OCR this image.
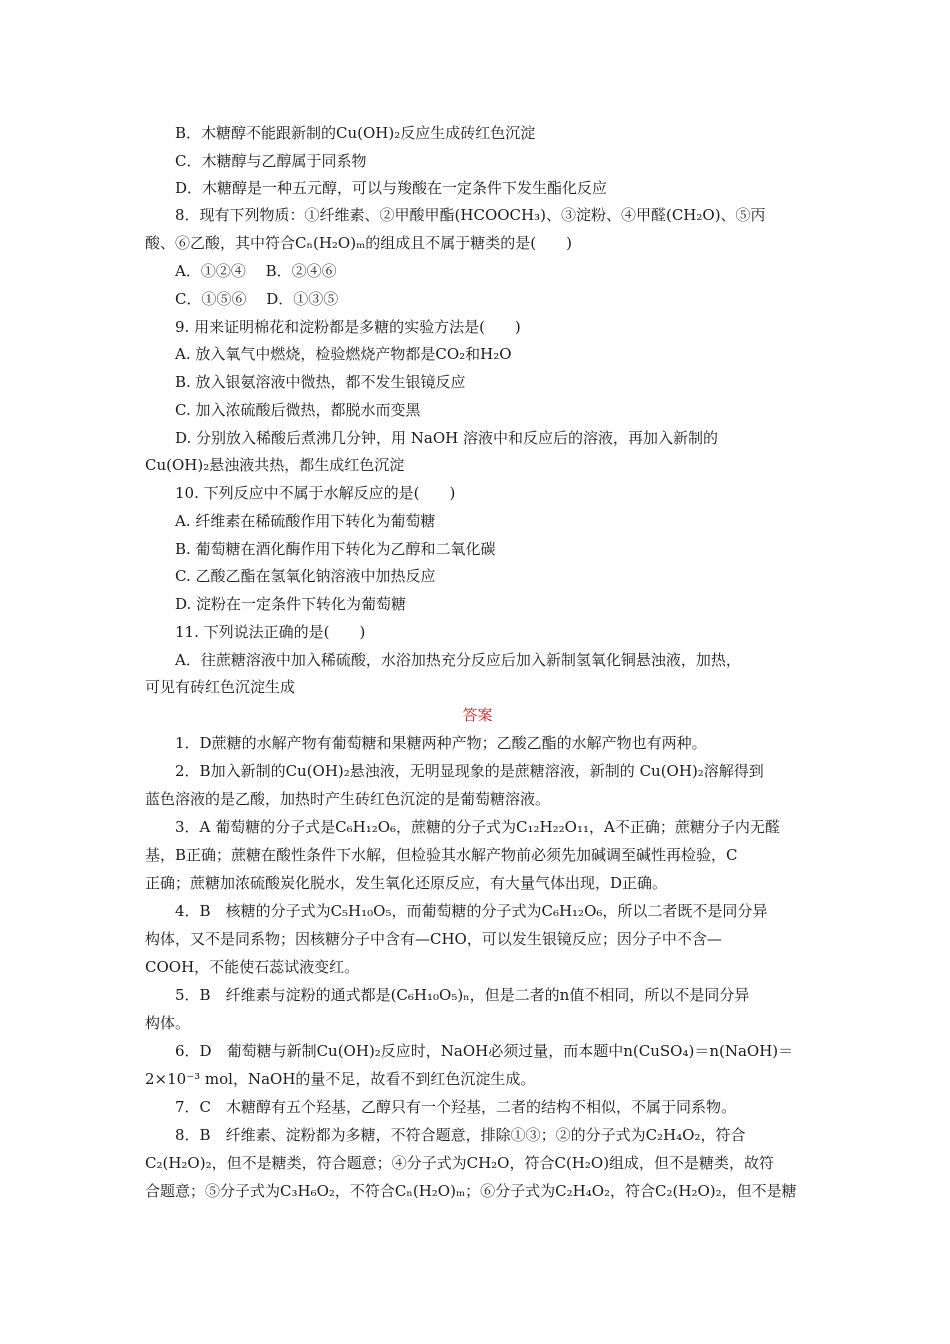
B．木糖醇不能跟新制的Cu(OH)₂反应生成砖红色沉淀
C．木糖醇与乙醇属于同系物
D．木糖醇是一种五元醇，可以与羧酸在一定条件下发生酯化反应
8．现有下列物质：①纤维素、②甲酸甲酯(HCOOCH₃)、③淀粉、④甲醛(CH₂O)、⑤丙
酸、⑥乙酸，其中符合Cₙ(H₂O)ₘ的组成且不属于糖类的是(　　)
A．①②④　 B．②④⑥
C．①⑤⑥　 D．①③⑤
9. 用来证明棉花和淀粉都是多糖的实验方法是(　　)
A. 放入氧气中燃烧，检验燃烧产物都是CO₂和H₂O
B. 放入银氨溶液中微热，都不发生银镜反应
C. 加入浓硫酸后微热，都脱水而变黑
D. 分别放入稀酸后煮沸几分钟，用 NaOH 溶液中和反应后的溶液，再加入新制的
Cu(OH)₂悬浊液共热，都生成红色沉淀
10. 下列反应中不属于水解反应的是(　　)
A. 纤维素在稀硫酸作用下转化为葡萄糖
B. 葡萄糖在酒化酶作用下转化为乙醇和二氧化碳
C. 乙酸乙酯在氢氧化钠溶液中加热反应
D. 淀粉在一定条件下转化为葡萄糖
11. 下列说法正确的是(　　)
A．往蔗糖溶液中加入稀硫酸，水浴加热充分反应后加入新制氢氧化铜悬浊液，加热，
可见有砖红色沉淀生成
答案
1．D蔗糖的水解产物有葡萄糖和果糖两种产物；乙酸乙酯的水解产物也有两种。
2．B加入新制的Cu(OH)₂悬浊液，无明显现象的是蔗糖溶液，新制的 Cu(OH)₂溶解得到
蓝色溶液的是乙酸，加热时产生砖红色沉淀的是葡萄糖溶液。
3．A 葡萄糖的分子式是C₆H₁₂O₆，蔗糖的分子式为C₁₂H₂₂O₁₁，A不正确；蔗糖分子内无醛
基，B正确；蔗糖在酸性条件下水解，但检验其水解产物前必须先加碱调至碱性再检验，C
正确；蔗糖加浓硫酸炭化脱水，发生氧化还原反应，有大量气体出现，D正确。
4．B　核糖的分子式为C₅H₁₀O₅，而葡萄糖的分子式为C₆H₁₂O₆，所以二者既不是同分异
构体，又不是同系物；因核糖分子中含有—CHO，可以发生银镜反应；因分子中不含—
COOH，不能使石蕊试液变红。
5．B　纤维素与淀粉的通式都是(C₆H₁₀O₅)ₙ，但是二者的n值不相同，所以不是同分异
构体。
6．D　葡萄糖与新制Cu(OH)₂反应时，NaOH必须过量，而本题中n(CuSO₄)＝n(NaOH)＝
2×10⁻³ mol，NaOH的量不足，故看不到红色沉淀生成。
7．C　木糖醇有五个羟基，乙醇只有一个羟基，二者的结构不相似，不属于同系物。
8．B　纤维素、淀粉都为多糖，不符合题意，排除①③；②的分子式为C₂H₄O₂，符合
C₂(H₂O)₂，但不是糖类，符合题意；④分子式为CH₂O，符合C(H₂O)组成，但不是糖类，故符
合题意；⑤分子式为C₃H₆O₂，不符合Cₙ(H₂O)ₘ；⑥分子式为C₂H₄O₂，符合C₂(H₂O)₂，但不是糖
